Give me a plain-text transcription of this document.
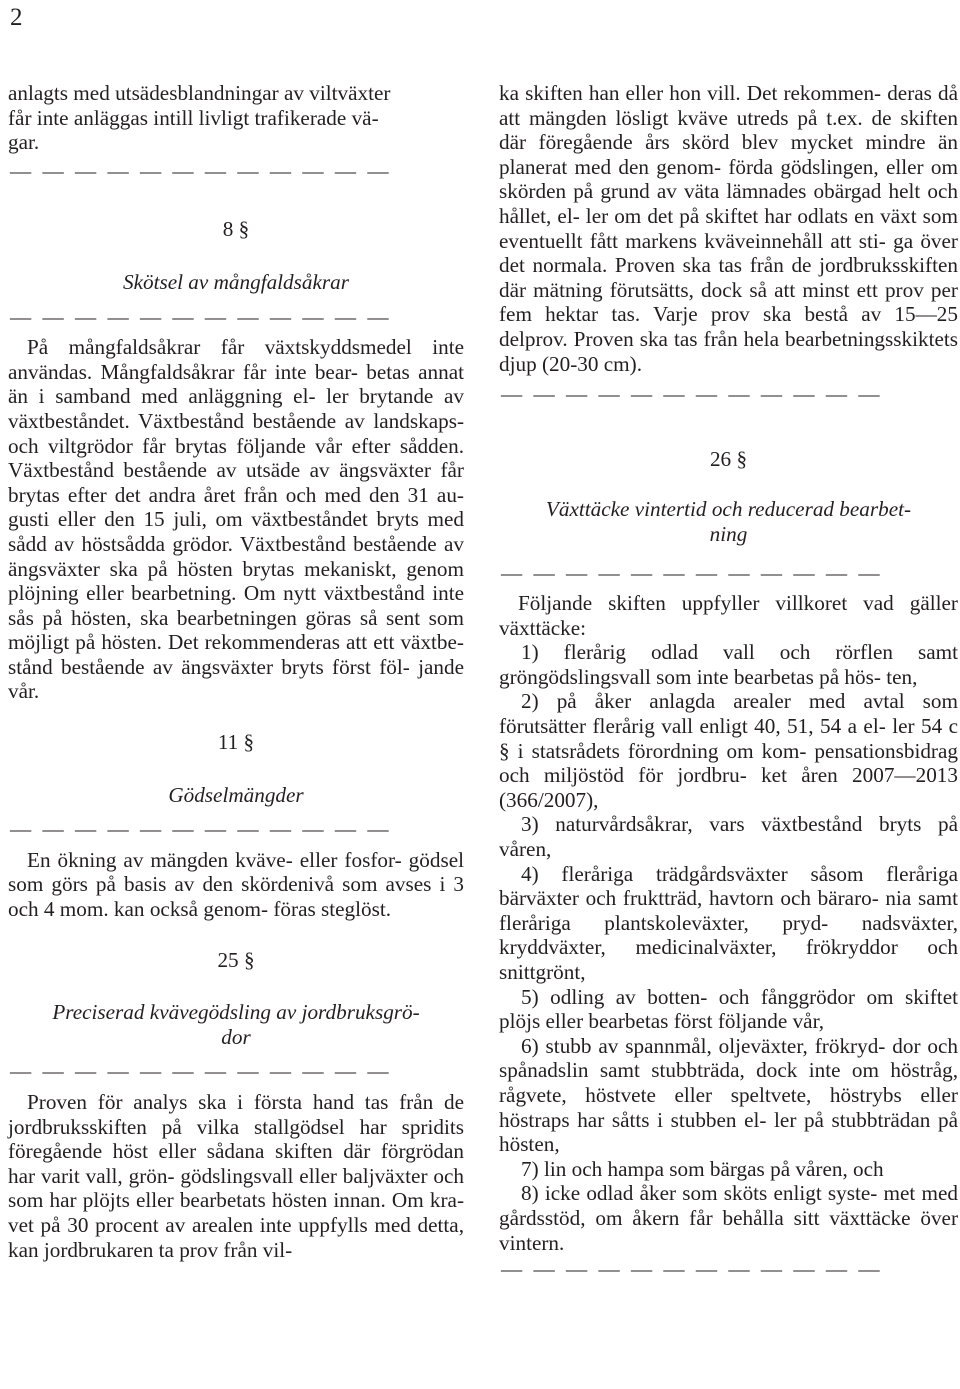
2

anlagts med utsädesblandningar av viltväxter

får inte anläggas intill livligt trafikerade vä-

gar.

— — — — — — — — — — — —
8 §
Skötsel av mångfaldsåkrar
— — — — — — — — — — — —

På mångfaldsåkrar får växtskyddsmedel inte användas. Mångfaldsåkrar får inte bear- betas annat än i samband med anläggning el- ler brytande av växtbeståndet. Växtbestånd bestående av landskaps- och viltgrödor får brytas följande vår efter sådden. Växtbestånd bestående av utsäde av ängsväxter får brytas efter det andra året från och med den 31 au- gusti eller den 15 juli, om växtbeståndet bryts med sådd av höstsådda grödor. Växtbestånd bestående av ängsväxter ska på hösten brytas mekaniskt, genom plöjning eller bearbetning. Om nytt växtbestånd inte sås på hösten, ska bearbetningen göras så sent som möjligt på hösten. Det rekommenderas att ett växtbe- stånd bestående av ängsväxter bryts först föl- jande vår.

11 §
Gödselmängder
— — — — — — — — — — — —

En ökning av mängden kväve- eller fosfor- gödsel som görs på basis av den skördenivå som avses i 3 och 4 mom. kan också genom- föras steglöst.

25 §
Preciserad kvävegödsling av jordbruksgrö-
dor
— — — — — — — — — — — —

Proven för analys ska i första hand tas från de jordbruksskiften på vilka stallgödsel har spridits föregående höst eller sådana skiften där förgrödan har varit vall, grön- gödslingsvall eller baljväxter och som har plöjts eller bearbetats hösten innan. Om kra- vet på 30 procent av arealen inte uppfylls med detta, kan jordbrukaren ta prov från vil-

ka skiften han eller hon vill. Det rekommen- deras då att mängden lösligt kväve utreds på t.ex. de skiften där föregående års skörd blev mycket mindre än planerat med den genom- förda gödslingen, eller om skörden på grund av väta lämnades obärgad helt och hållet, el- ler om det på skiftet har odlats en växt som eventuellt fått markens kväveinnehåll att sti- ga över det normala. Proven ska tas från de jordbruksskiften där mätning förutsätts, dock så att minst ett prov per fem hektar tas. Varje prov ska bestå av 15—25 delprov. Proven ska tas från hela bearbetningsskiktets djup (20-30 cm).

— — — — — — — — — — — —
26 §
Växttäcke vintertid och reducerad bearbet-
ning
— — — — — — — — — — — —

Följande skiften uppfyller villkoret vad gäller växttäcke:

1) flerårig odlad vall och rörflen samt gröngödslingsvall som inte bearbetas på hös- ten,

2) på åker anlagda arealer med avtal som förutsätter flerårig vall enligt 40, 51, 54 a el- ler 54 c § i statsrådets förordning om kom- pensationsbidrag och miljöstöd för jordbru- ket åren 2007—2013 (366/2007),

3) naturvårdsåkrar, vars växtbestånd bryts på våren,

4) fleråriga trädgårdsväxter såsom fleråriga bärväxter och fruktträd, havtorn och bäraro- nia samt fleråriga plantskoleväxter, pryd- nadsväxter, kryddväxter, medicinalväxter, frökryddor och snittgrönt,

5) odling av botten- och fånggrödor om skiftet plöjs eller bearbetas först följande vår,

6) stubb av spannmål, oljeväxter, frökryd- dor och spånadslin samt stubbträda, dock inte om höstråg, rågvete, höstvete eller speltvete, höstrybs eller höstraps har såtts i stubben el- ler på stubbträdan på hösten,

7) lin och hampa som bärgas på våren, och

8) icke odlad åker som sköts enligt syste- met med gårdsstöd, om åkern får behålla sitt växttäcke över vintern.

— — — — — — — — — — — —
